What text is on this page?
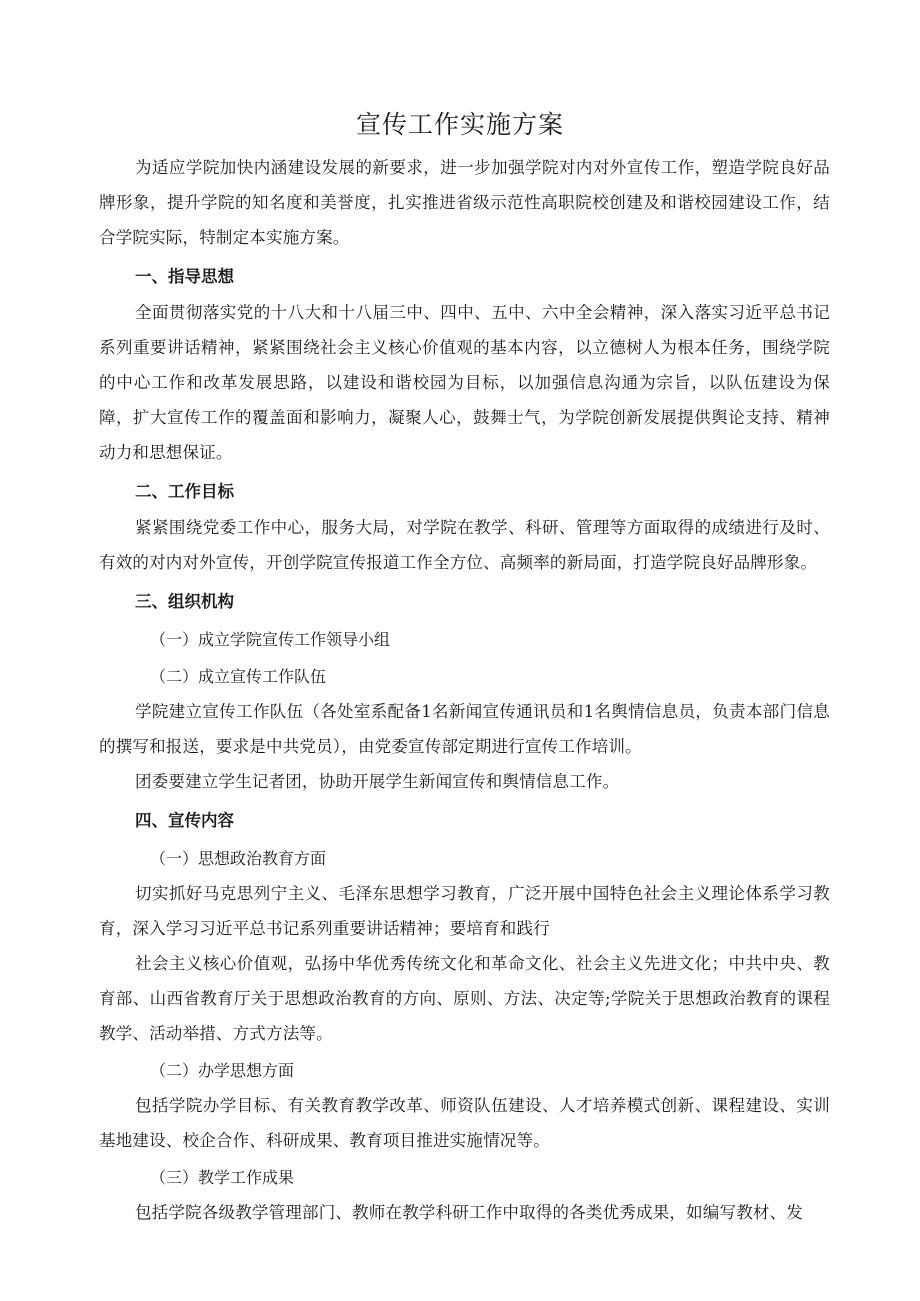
宣传工作实施方案

为适应学院加快内涵建设发展的新要求，进一步加强学院对内对外宣传工作，塑造学院良好品牌形象，提升学院的知名度和美誉度，扎实推进省级示范性高职院校创建及和谐校园建设工作，结合学院实际，特制定本实施方案。

一、指导思想

全面贯彻落实党的十八大和十八届三中、四中、五中、六中全会精神，深入落实习近平总书记系列重要讲话精神，紧紧围绕社会主义核心价值观的基本内容，以立德树人为根本任务，围绕学院的中心工作和改革发展思路，以建设和谐校园为目标，以加强信息沟通为宗旨，以队伍建设为保障，扩大宣传工作的覆盖面和影响力，凝聚人心，鼓舞士气，为学院创新发展提供舆论支持、精神动力和思想保证。

二、工作目标

紧紧围绕党委工作中心，服务大局，对学院在教学、科研、管理等方面取得的成绩进行及时、有效的对内对外宣传，开创学院宣传报道工作全方位、高频率的新局面，打造学院良好品牌形象。

三、组织机构

（一）成立学院宣传工作领导小组

（二）成立宣传工作队伍

学院建立宣传工作队伍（各处室系配备1名新闻宣传通讯员和1名舆情信息员，负责本部门信息的撰写和报送，要求是中共党员），由党委宣传部定期进行宣传工作培训。

团委要建立学生记者团，协助开展学生新闻宣传和舆情信息工作。

四、宣传内容

（一）思想政治教育方面

切实抓好马克思列宁主义、毛泽东思想学习教育，广泛开展中国特色社会主义理论体系学习教育，深入学习习近平总书记系列重要讲话精神；要培育和践行

社会主义核心价值观，弘扬中华优秀传统文化和革命文化、社会主义先进文化；中共中央、教育部、山西省教育厅关于思想政治教育的方向、原则、方法、决定等;学院关于思想政治教育的课程教学、活动举措、方式方法等。

（二）办学思想方面

包括学院办学目标、有关教育教学改革、师资队伍建设、人才培养模式创新、课程建设、实训基地建设、校企合作、科研成果、教育项目推进实施情况等。

（三）教学工作成果

包括学院各级教学管理部门、教师在教学科研工作中取得的各类优秀成果，如编写教材、发
